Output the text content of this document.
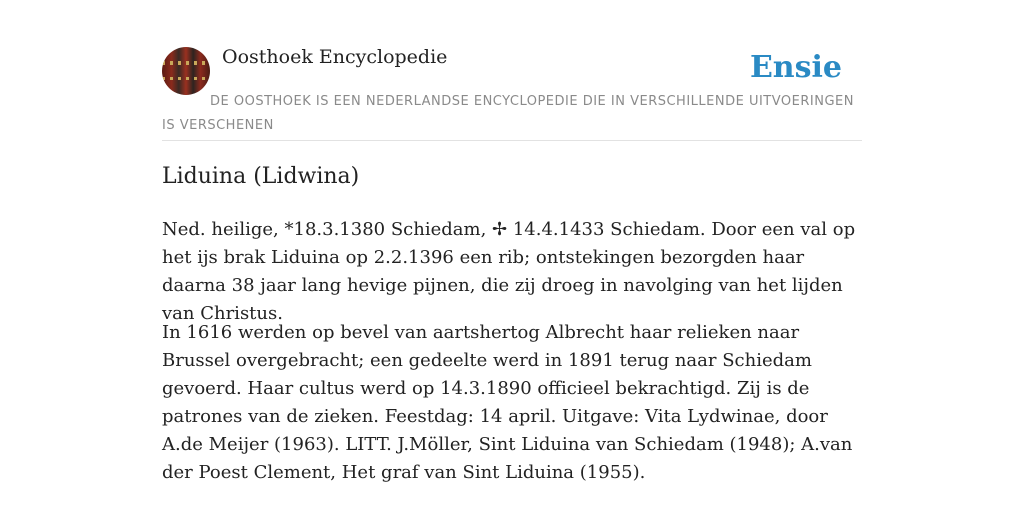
Oosthoek Encyclopedie	Ensie

DE OOSTHOEK IS EEN NEDERLANDSE ENCYCLOPEDIE DIE IN VERSCHILLENDE UITVOERINGEN IS VERSCHENEN

Liduina (Lidwina)

Ned. heilige, *18.3.1380 Schiedam, ✢ 14.4.1433 Schiedam. Door een val op het ijs brak Liduina op 2.2.1396 een rib; ontstekingen bezorgden haar daarna 38 jaar lang hevige pijnen, die zij droeg in navolging van het lijden van Christus.

In 1616 werden op bevel van aartshertog Albrecht haar relieken naar Brussel overgebracht; een gedeelte werd in 1891 terug naar Schiedam gevoerd. Haar cultus werd op 14.3.1890 officieel bekrachtigd. Zij is de patrones van de zieken. Feestdag: 14 april. Uitgave: Vita Lydwinae, door A.de Meijer (1963). LITT. J.Möller, Sint Liduina van Schiedam (1948); A.van der Poest Clement, Het graf van Sint Liduina (1955).
